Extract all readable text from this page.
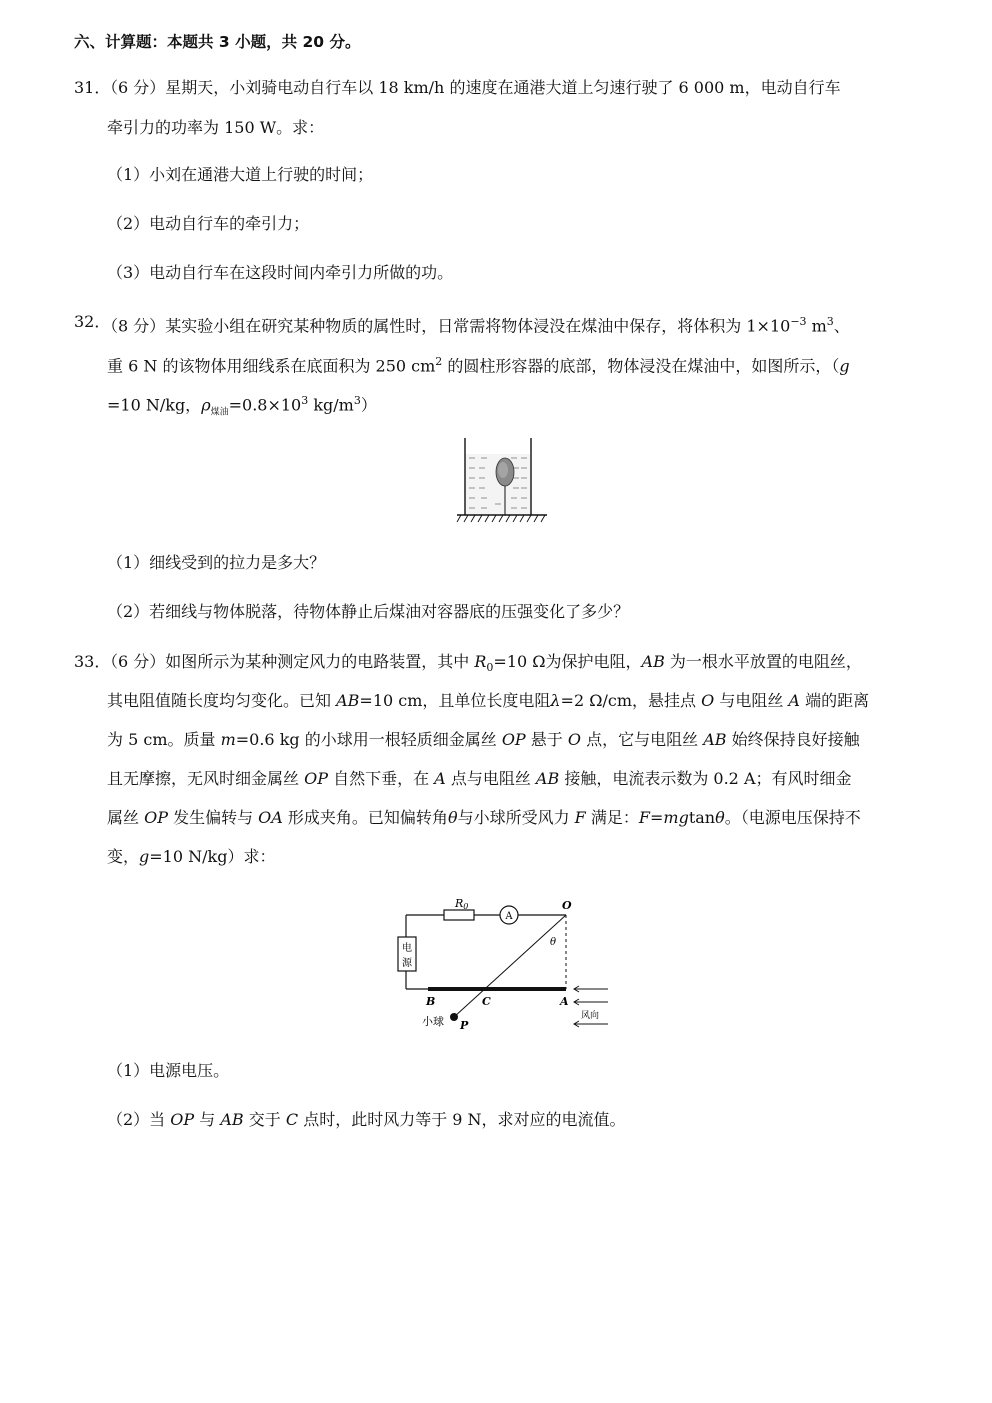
六、计算题：本题共 3 小题，共 20 分。
31．
（6 分）星期天，小刘骑电动自行车以 18 km/h 的速度在通港大道上匀速行驶了 6 000 m，电动自行车
牵引力的功率为 150 W。求：
（1）小刘在通港大道上行驶的时间；
（2）电动自行车的牵引力；
（3）电动自行车在这段时间内牵引力所做的功。
32．
（8 分）某实验小组在研究某种物质的属性时，日常需将物体浸没在煤油中保存，将体积为 $1\times 10^{-3}$ $m^3$、
重 6 N 的该物体用细线系在底面积为 250 $cm^2$ 的圆柱形容器的底部，物体浸没在煤油中，如图所示，（g
=10 N/kg，$\rho_{煤油}=0.8\times 10^3$ $kg/m^3$）
（1）细线受到的拉力是多大？
（2）若细线与物体脱落，待物体静止后煤油对容器底的压强变化了多少？
33．
（6 分）如图所示为某种测定风力的电路装置，其中 $R_0=10$ Ω为保护电阻，AB 为一根水平放置的电阻丝，
其电阻值随长度均匀变化。已知 AB=10 cm，且单位长度电阻λ=2 Ω/cm，悬挂点 O 与电阻丝 A 端的距离
为 5 cm。质量 m=0.6 kg 的小球用一根轻质细金属丝 OP 悬于 O 点，它与电阻丝 AB 始终保持良好接触
且无摩擦，无风时细金属丝 OP 自然下垂，在 A 点与电阻丝 AB 接触，电流表示数为 0.2 A；有风时细金
属丝 OP 发生偏转与 OA 形成夹角。已知偏转角θ与小球所受风力 F 满足：F=mgtanθ。（电源电压保持不
变，g=10 N/kg）求：
A
R0	O
电
源
θ
B	C	A
小球 P
风向
（1）电源电压。
（2）当 OP 与 AB 交于 C 点时，此时风力等于 9 N，求对应的电流值。
